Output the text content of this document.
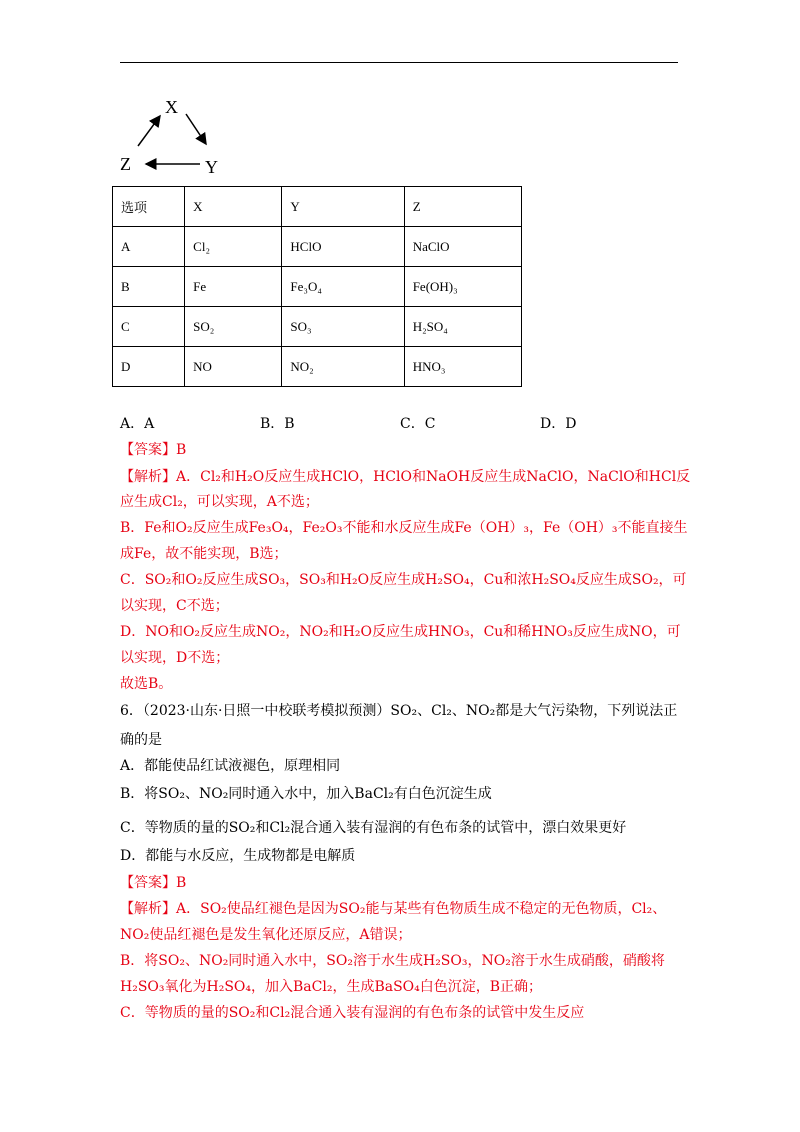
X
Y
Z
选项	X	Y	Z
A	Cl₂	HClO	NaClO
B	Fe	Fe₃O₄	Fe(OH)₃
C	SO₂	SO₃	H₂SO₄
D	NO	NO₂	HNO₃
A．A	B．B	C．C	D．D
【答案】B
【解析】A．Cl₂和H₂O反应生成HClO，HClO和NaOH反应生成NaClO，NaClO和HCl反
应生成Cl₂，可以实现，A不选；
B．Fe和O₂反应生成Fe₃O₄，Fe₂O₃不能和水反应生成Fe（OH）₃，Fe（OH）₃不能直接生
成Fe，故不能实现，B选；
C．SO₂和O₂反应生成SO₃，SO₃和H₂O反应生成H₂SO₄，Cu和浓H₂SO₄反应生成SO₂，可
以实现，C不选；
D．NO和O₂反应生成NO₂，NO₂和H₂O反应生成HNO₃，Cu和稀HNO₃反应生成NO，可
以实现，D不选；
故选B。
6．（2023·山东·日照一中校联考模拟预测）SO₂、Cl₂、NO₂都是大气污染物，下列说法正
确的是
A．都能使品红试液褪色，原理相同
B．将SO₂、NO₂同时通入水中，加入BaCl₂有白色沉淀生成
C．等物质的量的SO₂和Cl₂混合通入装有湿润的有色布条的试管中，漂白效果更好
D．都能与水反应，生成物都是电解质
【答案】B
【解析】A．SO₂使品红褪色是因为SO₂能与某些有色物质生成不稳定的无色物质，Cl₂、
NO₂使品红褪色是发生氧化还原反应，A错误；
B．将SO₂、NO₂同时通入水中，SO₂溶于水生成H₂SO₃，NO₂溶于水生成硝酸，硝酸将
H₂SO₃氧化为H₂SO₄，加入BaCl₂，生成BaSO₄白色沉淀，B正确；
C．等物质的量的SO₂和Cl₂混合通入装有湿润的有色布条的试管中发生反应
